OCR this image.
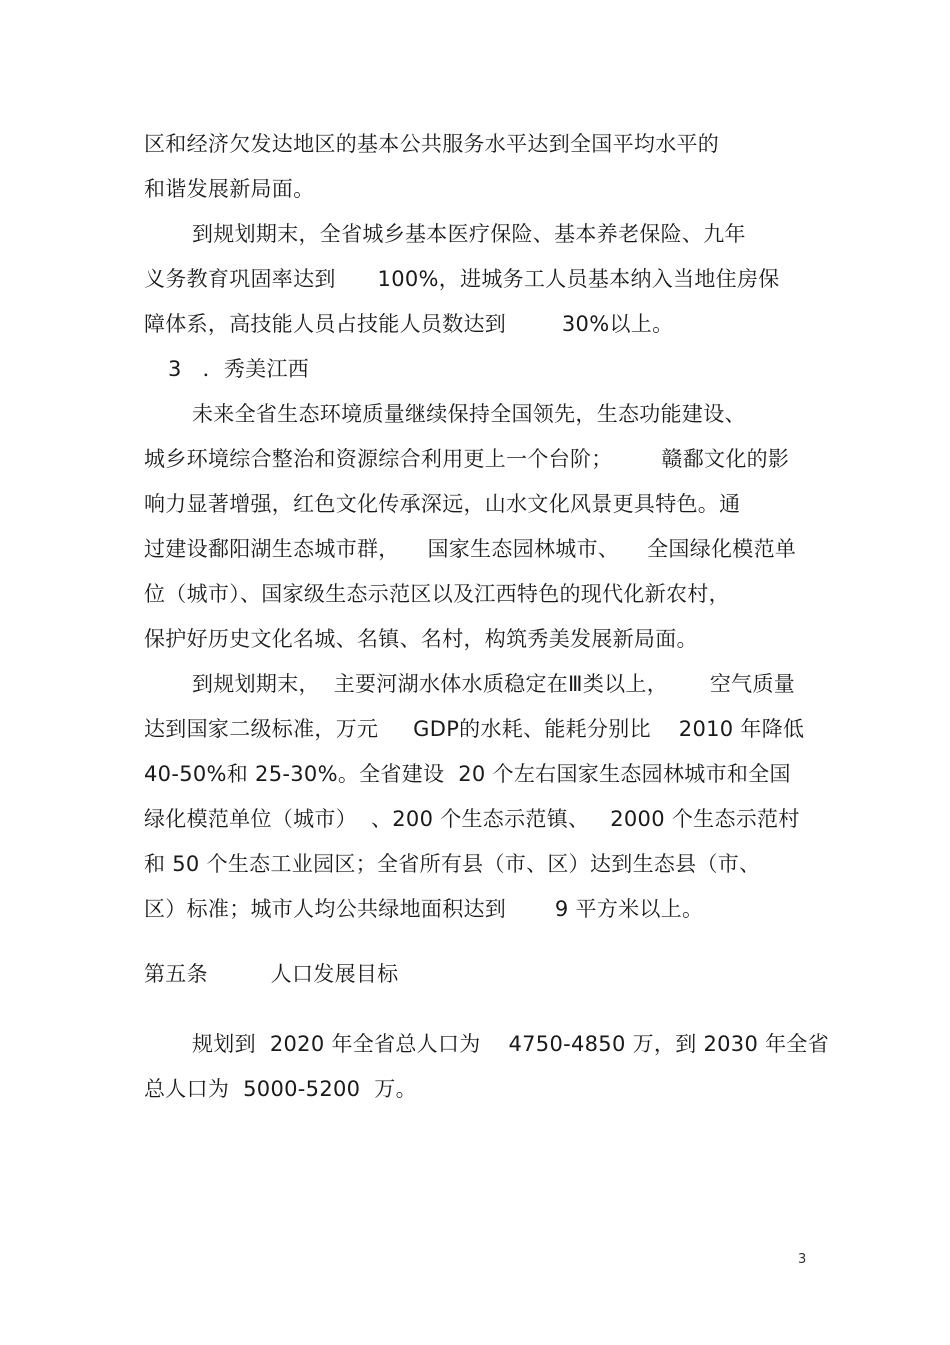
区和经济欠发达地区的基本公共服务水平达到全国平均水平的
和谐发展新局面。
到规划期末，全省城乡基本医疗保险、基本养老保险、九年
义务教育巩固率达到      100%，进城务工人员基本纳入当地住房保
障体系，高技能人员占技能人员数达到        30%以上。
3   ．秀美江西
未来全省生态环境质量继续保持全国领先，生态功能建设、
城乡环境综合整治和资源综合利用更上一个台阶；       赣鄱文化的影
响力显著增强，红色文化传承深远，山水文化风景更具特色。通
过建设鄱阳湖生态城市群，    国家生态园林城市、    全国绿化模范单
位（城市）、国家级生态示范区以及江西特色的现代化新农村，
保护好历史文化名城、名镇、名村，构筑秀美发展新局面。
到规划期末，  主要河湖水体水质稳定在Ⅲ类以上，      空气质量
达到国家二级标准，万元     GDP的水耗、能耗分别比    2010 年降低
40-50%和 25-30%。全省建设  20 个左右国家生态园林城市和全国
绿化模范单位（城市）  、200 个生态示范镇、   2000 个生态示范村
和 50 个生态工业园区；全省所有县（市、区）达到生态县（市、
区）标准；城市人均公共绿地面积达到       9 平方米以上。
第五条         人口发展目标
规划到  2020 年全省总人口为    4750-4850 万，到 2030 年全省
总人口为  5000-5200  万。
3
